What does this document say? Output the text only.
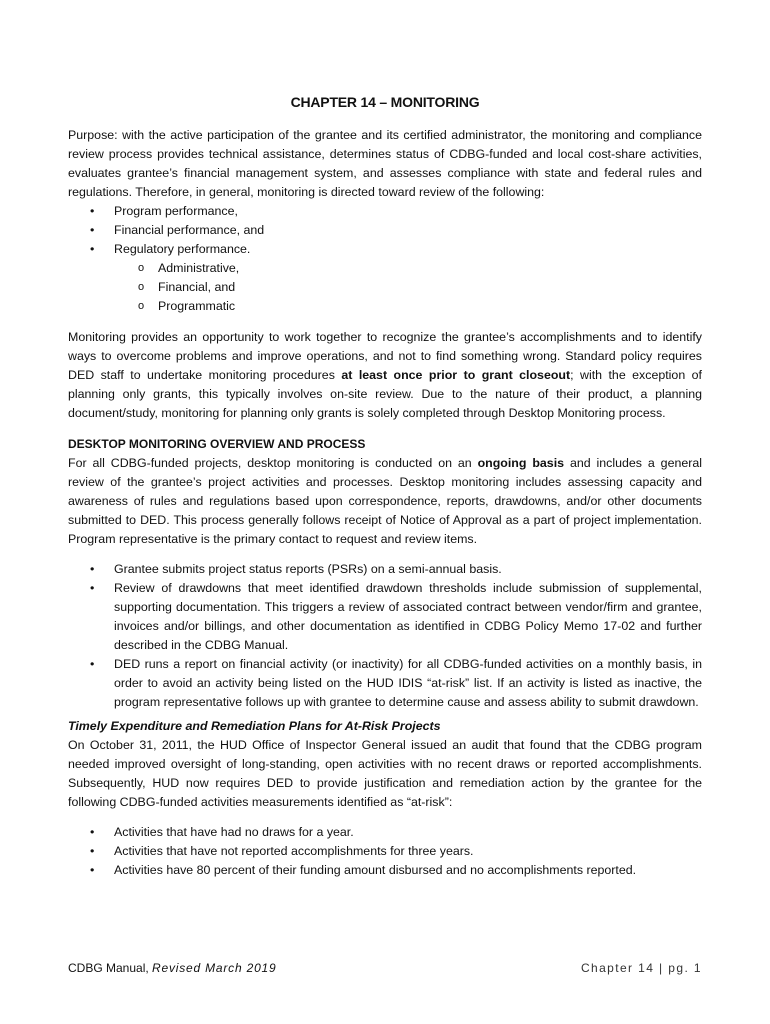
CHAPTER 14 – MONITORING

Purpose: with the active participation of the grantee and its certified administrator, the monitoring and compliance review process provides technical assistance, determines status of CDBG-funded and local cost-share activities, evaluates grantee’s financial management system, and assesses compliance with state and federal rules and regulations. Therefore, in general, monitoring is directed toward review of the following:

• Program performance,
• Financial performance, and
• Regulatory performance.
o Administrative,
o Financial, and
o Programmatic

Monitoring provides an opportunity to work together to recognize the grantee’s accomplishments and to identify ways to overcome problems and improve operations, and not to find something wrong. Standard policy requires DED staff to undertake monitoring procedures at least once prior to grant closeout; with the exception of planning only grants, this typically involves on-site review. Due to the nature of their product, a planning document/study, monitoring for planning only grants is solely completed through Desktop Monitoring process.

DESKTOP MONITORING OVERVIEW AND PROCESS

For all CDBG-funded projects, desktop monitoring is conducted on an ongoing basis and includes a general review of the grantee’s project activities and processes. Desktop monitoring includes assessing capacity and awareness of rules and regulations based upon correspondence, reports, drawdowns, and/or other documents submitted to DED. This process generally follows receipt of Notice of Approval as a part of project implementation. Program representative is the primary contact to request and review items.

• Grantee submits project status reports (PSRs) on a semi-annual basis.
• Review of drawdowns that meet identified drawdown thresholds include submission of supplemental, supporting documentation. This triggers a review of associated contract between vendor/firm and grantee, invoices and/or billings, and other documentation as identified in CDBG Policy Memo 17-02 and further described in the CDBG Manual.
• DED runs a report on financial activity (or inactivity) for all CDBG-funded activities on a monthly basis, in order to avoid an activity being listed on the HUD IDIS “at-risk” list. If an activity is listed as inactive, the program representative follows up with grantee to determine cause and assess ability to submit drawdown.
Timely Expenditure and Remediation Plans for At-Risk Projects

On October 31, 2011, the HUD Office of Inspector General issued an audit that found that the CDBG program needed improved oversight of long-standing, open activities with no recent draws or reported accomplishments. Subsequently, HUD now requires DED to provide justification and remediation action by the grantee for the following CDBG-funded activities measurements identified as “at-risk”:

• Activities that have had no draws for a year.
• Activities that have not reported accomplishments for three years.
• Activities have 80 percent of their funding amount disbursed and no accomplishments reported.
CDBG Manual, Revised March 2019	Chapter 14 | pg. 1
